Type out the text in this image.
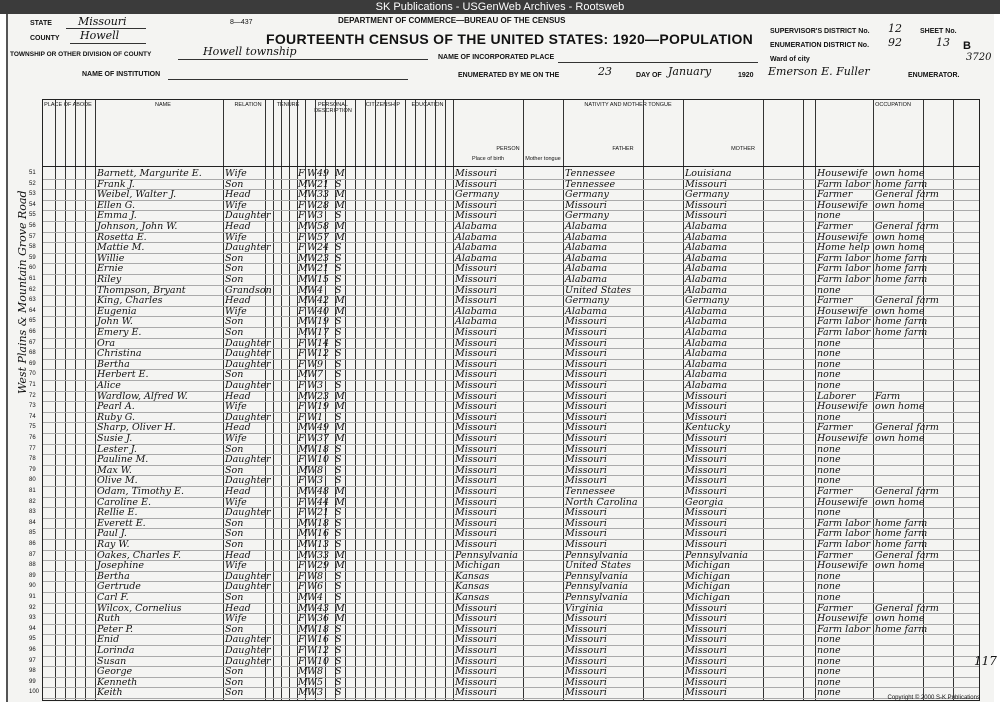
SK Publications - USGenWeb Archives - Rootsweb
STATE Missouri
COUNTY Howell
TOWNSHIP OR OTHER DIVISION OF COUNTY	Howell township
NAME OF INSTITUTION
8—437	DEPARTMENT OF COMMERCE—BUREAU OF THE CENSUS
FOURTEENTH CENSUS OF THE UNITED STATES: 1920—POPULATION
NAME OF INCORPORATED PLACE
ENUMERATED BY ME ON THE	23	DAY OF January	1920 Emerson E. Fuller	ENUMERATOR.
SUPERVISOR'S DISTRICT No. 12	SHEET No.
ENUMERATION DISTRICT No. 92	13 B
Ward of city	3720
PLACE OF ABODE	NAME	RELATION	TENURE	PERSONAL DESCRIPTION
CITIZENSHIP	EDUCATION	NATIVITY AND MOTHER TONGUE	OCCUPATION
PERSON	FATHER	MOTHER
Place of birth	Mother tongue
51	Barnett, Margurite E.	Wife	F W 49 M	Missouri	Tennessee	Louisiana	Housewife own home
52	Frank J.	Son	M W 21 S	Missouri	Tennessee	Missouri	Farm labor home farm
53	Weibel, Walter J.	Head	M W 33 M	Germany	Germany	Germany	Farmer	General farm
54	Ellen G.	Wife	F W 28 M	Missouri	Missouri	Missouri	Housewife own home
55	Emma J.	Daughter	F W 3	S	Missouri	Germany	Missouri	none
56	Johnson, John W.	Head	M W 58 M	Alabama	Alabama	Alabama	Farmer	General farm
57	Rosetta E.	Wife	F W 57 M	Alabama	Alabama	Alabama	Housewife own home
58	Mattie M.	Daughter	F W 24 S	Alabama	Alabama	Alabama	Home help own home
59	Willie	Son	M W 23 S	Alabama	Alabama	Alabama	Farm labor home farm
60	Ernie	Son	M W 21 S	Missouri	Alabama	Alabama	Farm labor home farm
61	Riley	Son	M W 15 S	Missouri	Alabama	Alabama	Farm labor home farm
62	Thompson, Bryant	Grandson	M W 4	S	Missouri	United States	Alabama	none
63	King, Charles	Head	M W 42 M	Missouri	Germany	Germany	Farmer	General farm
64	Eugenia	Wife	F W 40 M	Alabama	Alabama	Alabama	Housewife own home
65	John W.	Son	M W 19 S	Alabama	Missouri	Alabama	Farm labor home farm
66	Emery E.	Son	M W 17 S	Missouri	Missouri	Alabama	Farm labor home farm
67	Ora	Daughter	F W 14 S	Missouri	Missouri	Alabama	none
68	Christina	Daughter	F W 12 S	Missouri	Missouri	Alabama	none
69	Bertha	Daughter	F W 9	S	Missouri	Missouri	Alabama	none
70	Herbert E.	Son	M W 7	S	Missouri	Missouri	Alabama	none
71	Alice	Daughter	F W 3	S	Missouri	Missouri	Alabama	none
72	Wardlow, Alfred W.	Head	M W 23 M	Missouri	Missouri	Missouri	Laborer	Farm
73	Pearl A.	Wife	F W 19 M	Missouri	Missouri	Missouri	Housewife own home
74	Ruby G.	Daughter	F W 1	S	Missouri	Missouri	Missouri	none
75	Sharp, Oliver H.	Head	M W 49 M	Missouri	Missouri	Kentucky	Farmer	General farm
76	Susie J.	Wife	F W 37 M	Missouri	Missouri	Missouri	Housewife own home
77	Lester J.	Son	M W 18 S	Missouri	Missouri	Missouri	none
78	Pauline M.	Daughter	F W 10 S	Missouri	Missouri	Missouri	none
79	Max W.	Son	M W 8	S	Missouri	Missouri	Missouri	none
80	Olive M.	Daughter	F W 3	S	Missouri	Missouri	Missouri	none
81	Odam, Timothy E.	Head	M W 48 M	Missouri	Tennessee	Missouri	Farmer	General farm
82	Caroline E.	Wife	F W 44 M	Missouri	North Carolina	Georgia	Housewife own home
83	Rellie E.	Daughter	F W 21 S	Missouri	Missouri	Missouri	none
84	Everett E.	Son	M W 18 S	Missouri	Missouri	Missouri	Farm labor home farm
85	Paul J.	Son	M W 16 S	Missouri	Missouri	Missouri	Farm labor home farm
86	Ray W.	Son	M W 13 S	Missouri	Missouri	Missouri	Farm labor home farm
87	Oakes, Charles F.	Head	M W 33 M	Pennsylvania	Pennsylvania	Pennsylvania	Farmer	General farm
88	Josephine	Wife	F W 29 M	Michigan	United States	Michigan	Housewife own home
89	Bertha	Daughter	F W 8	S	Kansas	Pennsylvania	Michigan	none
90	Gertrude	Daughter	F W 6	S	Kansas	Pennsylvania	Michigan	none
91	Carl F.	Son	M W 4	S	Kansas	Pennsylvania	Michigan	none
92	Wilcox, Cornelius	Head	M W 43 M	Missouri	Virginia	Missouri	Farmer	General farm
93	Ruth	Wife	F W 36 M	Missouri	Missouri	Missouri	Housewife own home
94	Peter P.	Son	M W 18 S	Missouri	Missouri	Missouri	Farm labor home farm
95	Enid	Daughter	F W 16 S	Missouri	Missouri	Missouri	none
96	Lorinda	Daughter	F W 12 S	Missouri	Missouri	Missouri	none
97	Susan	Daughter	F W 10 S	Missouri	Missouri	Missouri	none
98	George	Son	M W 8	S	Missouri	Missouri	Missouri	none
99	Kenneth	Son	M W 5	S	Missouri	Missouri	Missouri	none
100	Keith	Son	M W 3	S	Missouri	Missouri	Missouri	none
West Plains & Mountain Grove Road
117
Copyright © 2000 S-K Publications
